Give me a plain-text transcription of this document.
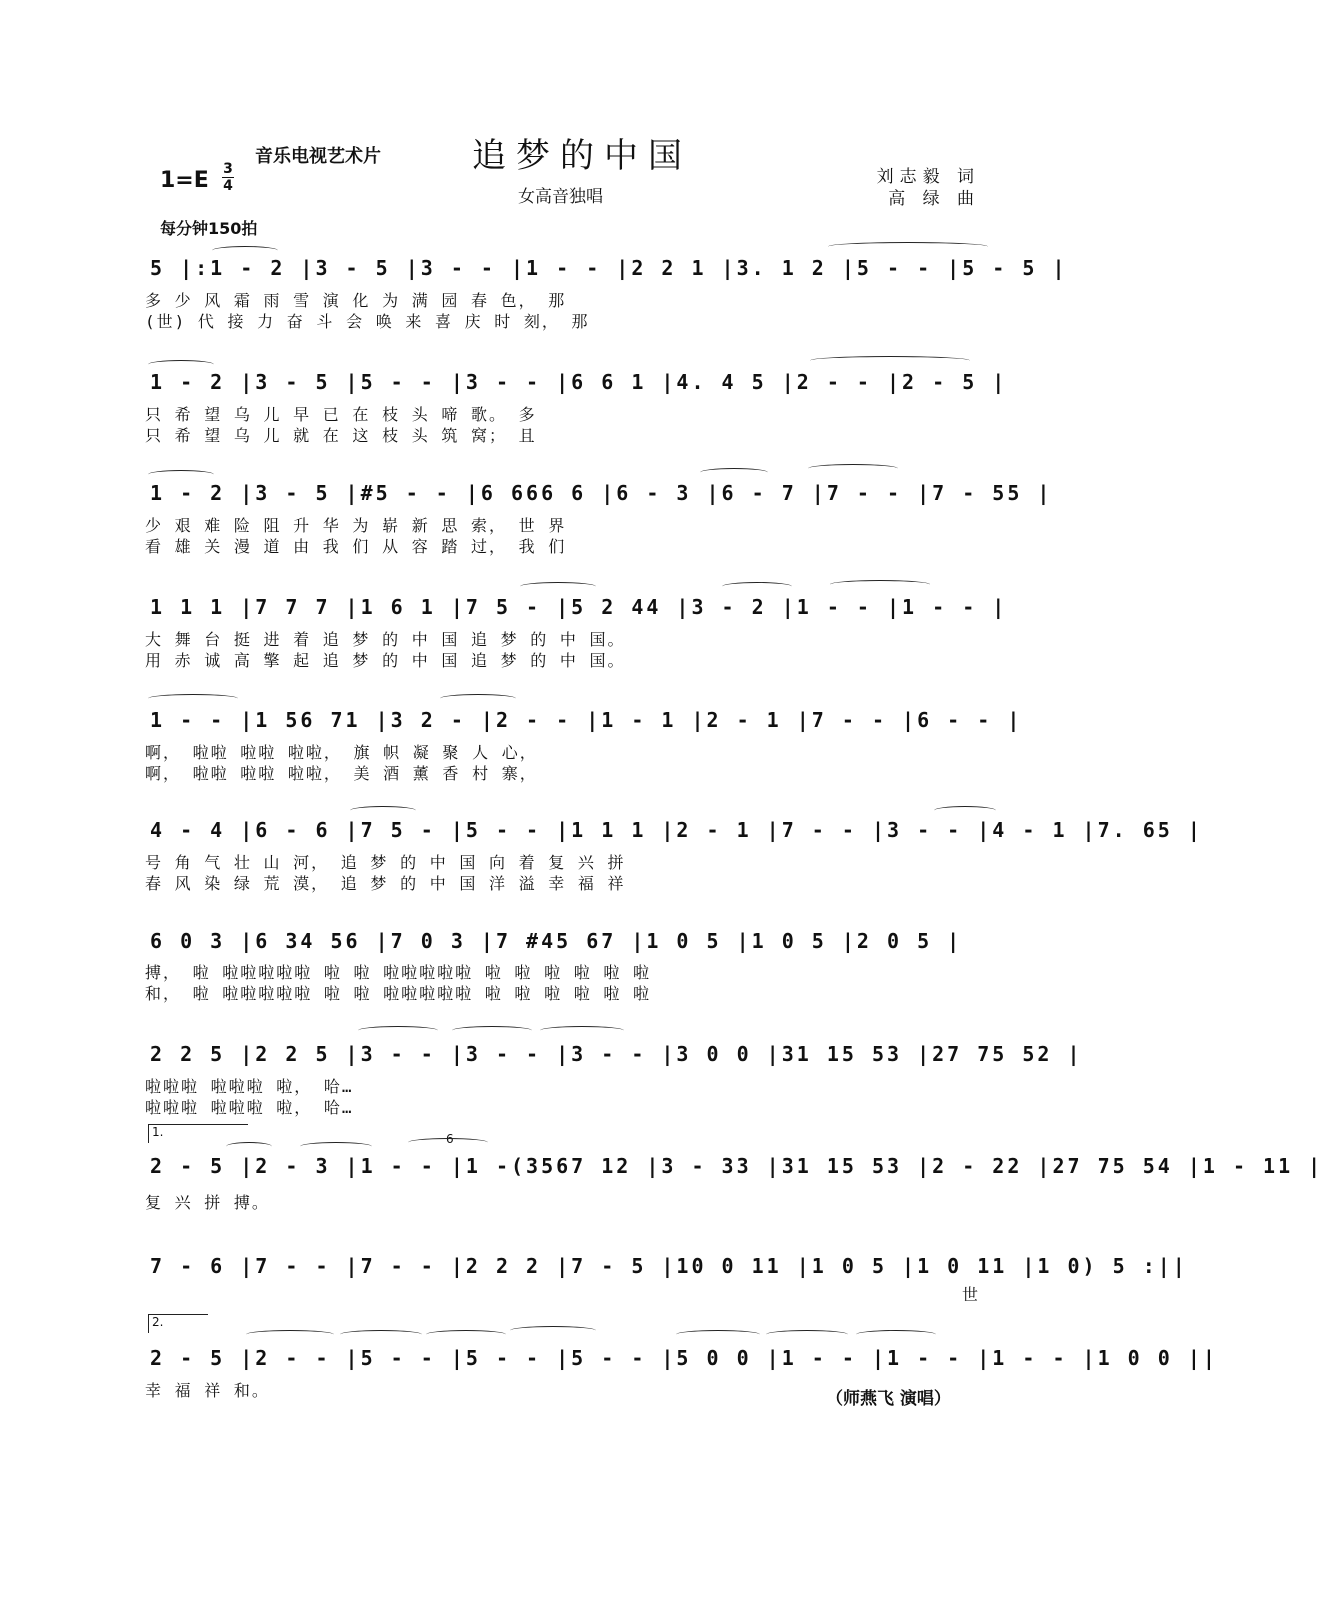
音乐电视艺术片	追梦的中国
女高音独唱
1=E 3
4	刘志毅 词
高 绿 曲
每分钟150拍
5 |:1 - 2 |3 - 5 |3 - - |1 - - |2 2 1 |3. 1 2 |5 - - |5 - 5 |
多 少 风 霜 雨 雪 演 化 为 满 园 春 色， 那
(世) 代 接 力 奋 斗 会 唤 来 喜 庆 时 刻， 那
1 - 2 |3 - 5 |5 - - |3 - - |6 6 1 |4. 4 5 |2 - - |2 - 5 |
只 希 望 乌 儿 早 已 在 枝 头 啼 歌。 多
只 希 望 乌 儿 就 在 这 枝 头 筑 窝； 且
1 - 2 |3 - 5 |#5 - - |6 666 6 |6 - 3 |6 - 7 |7 - - |7 - 55 |
少 艰 难 险 阻 升 华 为 崭 新 思 索， 世 界
看 雄 关 漫 道 由 我 们 从 容 踏 过， 我 们
1 1 1 |7 7 7 |1 6 1 |7 5 - |5 2 44 |3 - 2 |1 - - |1 - - |
大 舞 台 挺 进 着 追 梦 的 中 国 追 梦 的 中 国。
用 赤 诚 高 擎 起 追 梦 的 中 国 追 梦 的 中 国。
1 - - |1 56 71 |3 2 - |2 - - |1 - 1 |2 - 1 |7 - - |6 - - |
啊， 啦啦 啦啦 啦啦， 旗 帜 凝 聚 人 心，
啊， 啦啦 啦啦 啦啦， 美 酒 薰 香 村 寨，
4 - 4 |6 - 6 |7 5 - |5 - - |1 1 1 |2 - 1 |7 - - |3 - - |4 - 1 |7. 65 |
号 角 气 壮 山 河， 追 梦 的 中 国 向 着 复 兴 拼
春 风 染 绿 荒 漠， 追 梦 的 中 国 洋 溢 幸 福 祥
6 0 3 |6 34 56 |7 0 3 |7 #45 67 |1 0 5 |1 0 5 |2 0 5 |
搏， 啦 啦啦啦啦啦 啦 啦 啦啦啦啦啦 啦 啦 啦 啦 啦 啦
和， 啦 啦啦啦啦啦 啦 啦 啦啦啦啦啦 啦 啦 啦 啦 啦 啦
2 2 5 |2 2 5 |3 - - |3 - - |3 - - |3 0 0 |31 15 53 |27 75 52 |
啦啦啦 啦啦啦 啦， 哈…
啦啦啦 啦啦啦 啦， 哈…
1.	6
2 - 5 |2 - 3 |1 - - |1 -(3567 12 |3 - 33 |31 15 53 |2 - 22 |27 75 54 |1 - 11 |
复 兴 拼 搏。
7 - 6 |7 - - |7 - - |2 2 2 |7 - 5 |10 0 11 |1 0 5 |1 0 11 |1 0) 5 :||
世
2.
2 - 5 |2 - - |5 - - |5 - - |5 - - |5 0 0 |1 - - |1 - - |1 - - |1 0 0 ||
幸 福 祥 和。	（师燕飞 演唱）
